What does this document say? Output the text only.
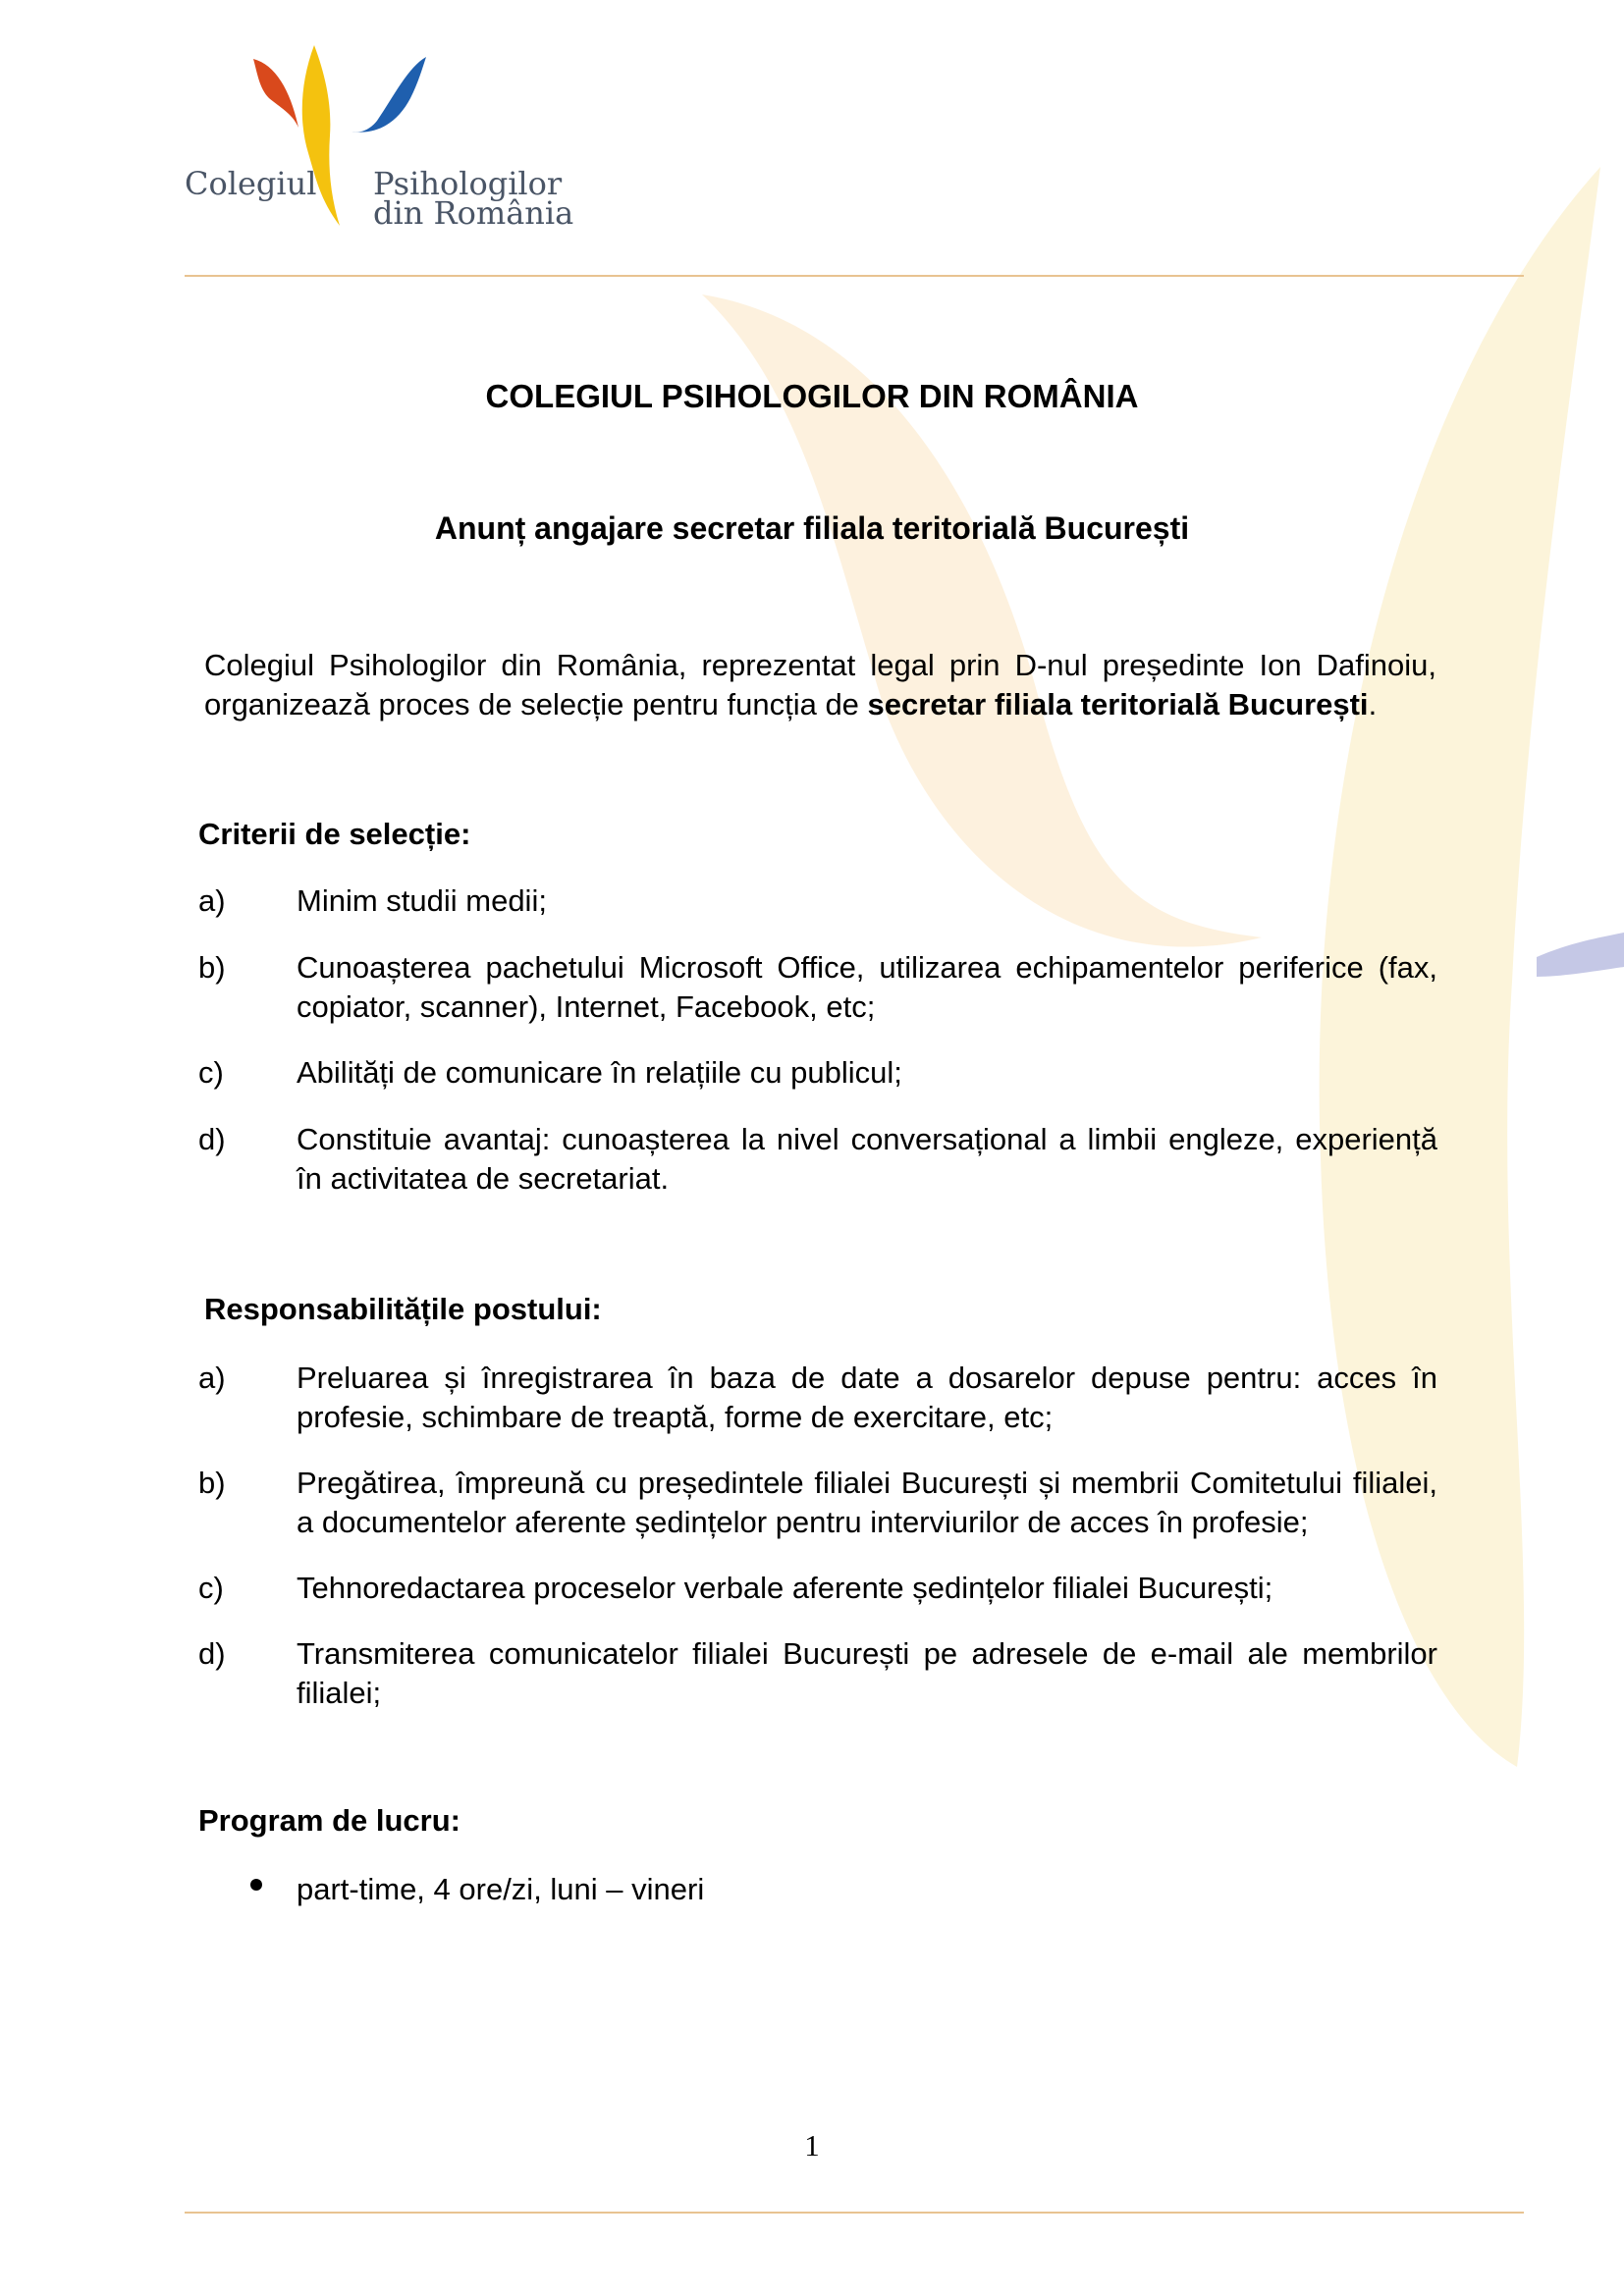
Colegiul Psihologilor
din România
COLEGIUL PSIHOLOGILOR DIN ROMÂNIA
Anunț angajare secretar filiala teritorială București
Colegiul Psihologilor din România, reprezentat legal prin D-nul președinte Ion Dafinoiu, organizează proces de selecție pentru funcția de secretar filiala teritorială București.
Criterii de selecție:
a) Minim studii medii;
b) Cunoașterea pachetului Microsoft Office, utilizarea echipamentelor periferice (fax, copiator, scanner), Internet, Facebook, etc;
c) Abilități de comunicare în relațiile cu publicul;
d) Constituie avantaj: cunoașterea la nivel conversațional a limbii engleze, experiență în activitatea de secretariat.
Responsabilitățile postului:
a) Preluarea și înregistrarea în baza de date a dosarelor depuse pentru: acces în profesie, schimbare de treaptă, forme de exercitare, etc;
b) Pregătirea, împreună cu președintele filialei București și membrii Comitetului filialei, a documentelor aferente ședințelor pentru interviurilor de acces în profesie;
c) Tehnoredactarea proceselor verbale aferente ședințelor filialei București;
d) Transmiterea comunicatelor filialei București pe adresele de e-mail ale membrilor filialei;
Program de lucru:
part-time, 4 ore/zi, luni – vineri
1
